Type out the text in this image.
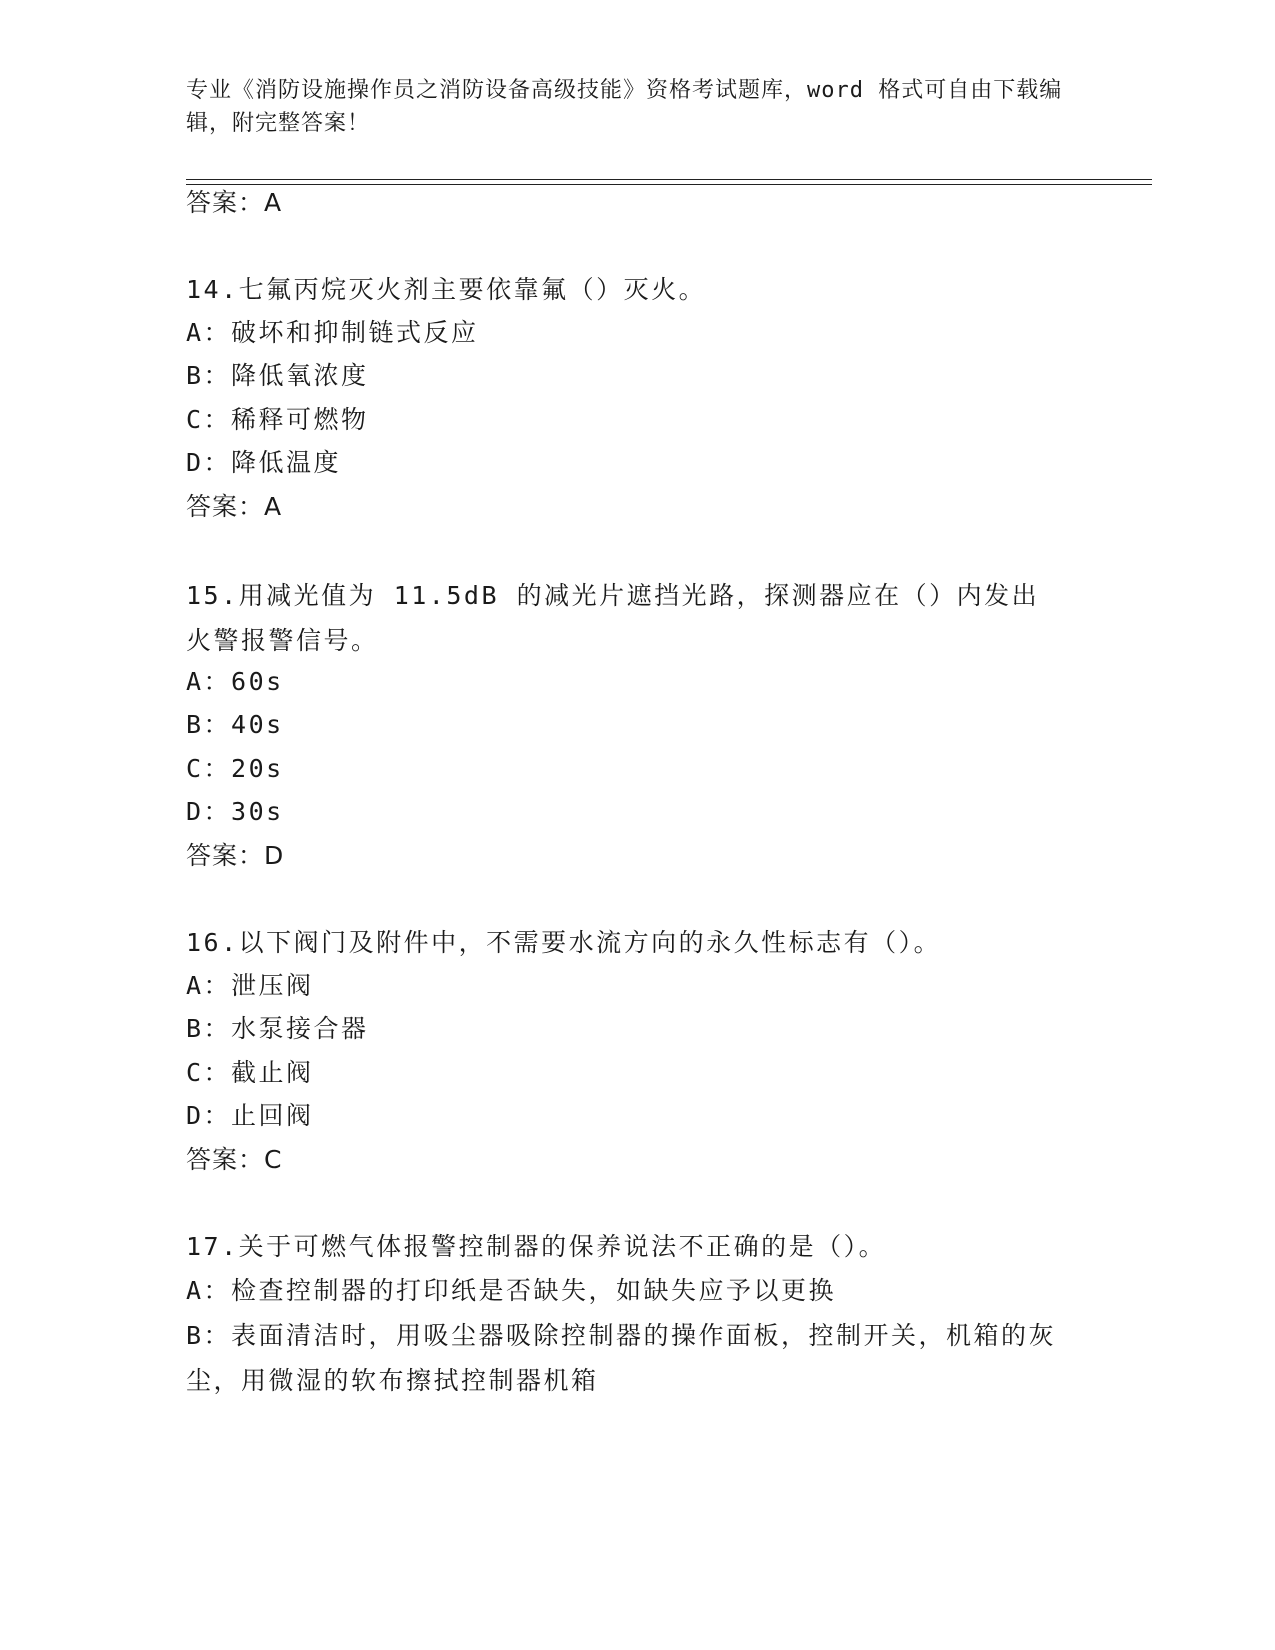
专业《消防设施操作员之消防设备高级技能》资格考试题库，word 格式可自由下载编辑，附完整答案！
答案：A
14.七氟丙烷灭火剂主要依靠氟（）灭火。
A：破坏和抑制链式反应
B：降低氧浓度
C：稀释可燃物
D：降低温度
答案：A
15.用减光值为 11.5dB 的减光片遮挡光路，探测器应在（）内发出火警报警信号。
A：60s
B：40s
C：20s
D：30s
答案：D
16.以下阀门及附件中，不需要水流方向的永久性标志有（）。
A：泄压阀
B：水泵接合器
C：截止阀
D：止回阀
答案：C
17.关于可燃气体报警控制器的保养说法不正确的是（）。
A：检查控制器的打印纸是否缺失，如缺失应予以更换
B：表面清洁时，用吸尘器吸除控制器的操作面板，控制开关，机箱的灰尘，用微湿的软布擦拭控制器机箱
